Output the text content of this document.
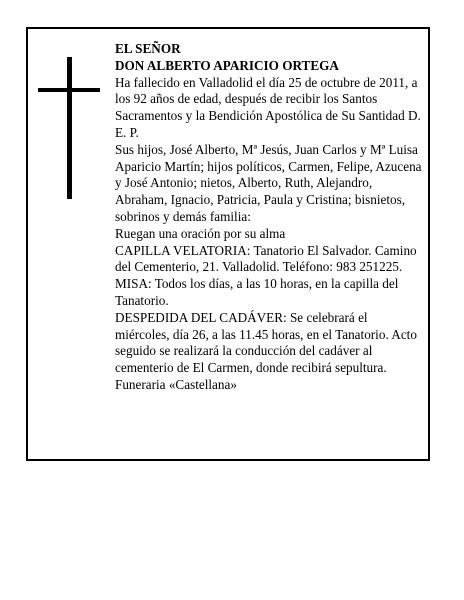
EL SEÑOR

DON ALBERTO APARICIO ORTEGA

Ha fallecido en Valladolid el día 25 de octubre de 2011, a los 92 años de edad, después de recibir los Santos Sacramentos y la Bendición Apostólica de Su Santidad D. E. P.

Sus hijos, José Alberto, Mª Jesús, Juan Carlos y Mª Luisa Aparicio Martín; hijos políticos, Carmen, Felipe, Azucena y José Antonio; nietos, Alberto, Ruth, Alejandro, Abraham, Ignacio, Patricia, Paula y Cristina; bisnietos, sobrinos y demás familia:

Ruegan una oración por su alma

CAPILLA VELATORIA: Tanatorio El Salvador. Camino del Cementerio, 21. Valladolid. Teléfono: 983 251225.

MISA: Todos los días, a las 10 horas, en la capilla del Tanatorio.

DESPEDIDA DEL CADÁVER: Se celebrará el miércoles, día 26, a las 11.45 horas, en el Tanatorio. Acto seguido se realizará la conducción del cadáver al cementerio de El Carmen, donde recibirá sepultura.

Funeraria «Castellana»
